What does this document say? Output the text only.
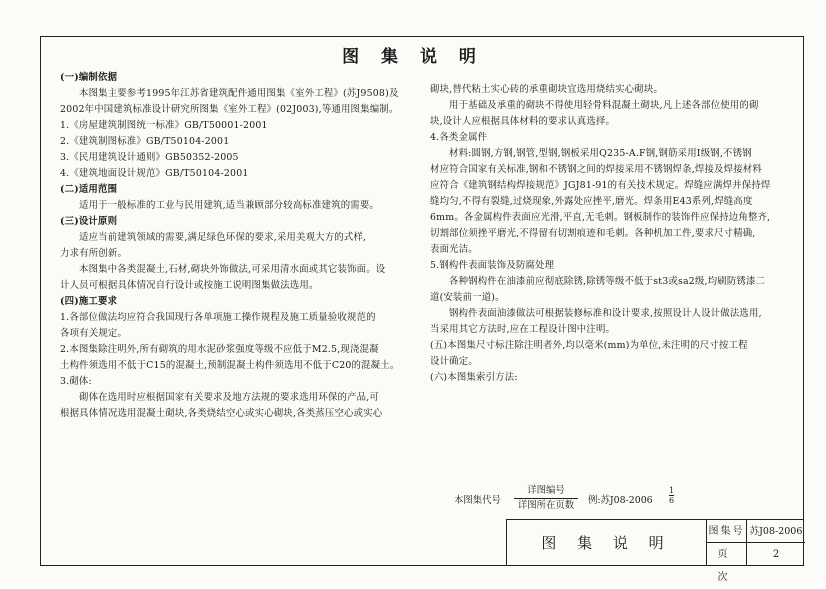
图 集 说 明

(一)编制依据

本图集主要参考1995年江苏省建筑配件通用图集《室外工程》(苏J9508)及

2002年中国建筑标准设计研究所图集《室外工程》(02J003),等通用图集编制。

1.《房屋建筑制图统一标准》GB/T50001-2001

2.《建筑制图标准》GB/T50104-2001

3.《民用建筑设计通则》GB50352-2005

4.《建筑地面设计规范》GB/T50104-2001

(二)适用范围

适用于一般标准的工业与民用建筑,适当兼顾部分较高标准建筑的需要。

(三)设计原则

适应当前建筑领域的需要,满足绿色环保的要求,采用美观大方的式样,

力求有所创新。

本图集中各类混凝土,石材,砌块外饰做法,可采用清水面或其它装饰面。设

计人员可根据具体情况自行设计或按施工说明图集做法选用。

(四)施工要求

1.各部位做法均应符合我国现行各单项施工操作规程及施工质量验收规范的

各项有关规定。

2.本图集除注明外,所有砌筑的用水泥砂浆强度等级不应低于M2.5,现浇混凝

土构件须选用不低于C15的混凝土,预制混凝土构件须选用不低于C20的混凝土。

3.砌体:

砌体在选用时应根据国家有关要求及地方法规的要求选用环保的产品,可

根据具体情况选用混凝土砌块,各类烧结空心或实心砌块,各类蒸压空心或实心

砌块,替代粘土实心砖的承重砌块宜选用烧结实心砌块。

用于基础及承重的砌块不得使用轻骨料混凝土砌块,凡上述各部位使用的砌

块,设计人应根据具体材料的要求认真选择。

4.各类金属件

材料:圆钢,方钢,钢管,型钢,钢板采用Q235-A.F钢,钢筋采用Ⅰ级钢,不锈钢

材应符合国家有关标准,钢和不锈钢之间的焊接采用不锈钢焊条,焊接及焊接材料

应符合《建筑钢结构焊接规范》JGJ81-91的有关技术规定。焊缝应满焊并保持焊

缝均匀,不得有裂缝,过烧现象,外露处应挫平,磨光。焊条用E43系列,焊缝高度

6mm。各金属构件表面应光滑,平直,无毛刺。钢板制作的装饰件应保持边角整齐,

切割部位须挫平磨光,不得留有切割痕迹和毛刺。各种机加工件,要求尺寸精确,

表面光洁。

5.钢构件表面装饰及防腐处理

各种钢构件在油漆前应彻底除锈,除锈等级不低于st3或sa2级,均刷防锈漆二

道(安装前一道)。

钢构件表面油漆做法可根据装修标准和设计要求,按照设计人设计做法选用,

当采用其它方法时,应在工程设计图中注明。

(五)本图集尺寸标注除注明者外,均以毫米(mm)为单位,未注明的尺寸按工程

设计确定。

(六)本图集索引方法:

本图集代号
详图编号
详图所在页数	例:苏$J08-2006 \frac{1}{6}$
图 集 说 明
图集号 苏J08-2006
页 次
2
